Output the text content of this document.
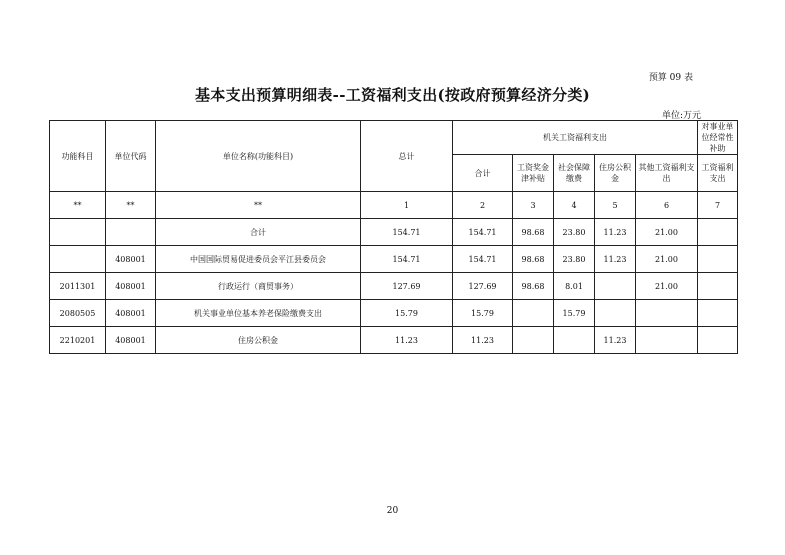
预算 09 表
基本支出预算明细表--工资福利支出(按政府预算经济分类)
单位:万元
功能科目	单位代码	单位名称(功能科目)	总计	机关工资福利支出					对事业单位经常性补助
				合计	工资奖金津补贴	社会保障缴费	住房公积金	其他工资福利支出	工资福利支出
**	**	**	1	2	3	4	5	6	7
		合计	154.71	154.71	98.68	23.80	11.23	21.00	
	408001	中国国际贸易促进委员会平江县委员会	154.71	154.71	98.68	23.80	11.23	21.00	
2011301	408001	行政运行（商贸事务）	127.69	127.69	98.68	8.01		21.00	
2080505	408001	机关事业单位基本养老保险缴费支出	15.79	15.79		15.79			
2210201	408001	住房公积金	11.23	11.23			11.23		
20
